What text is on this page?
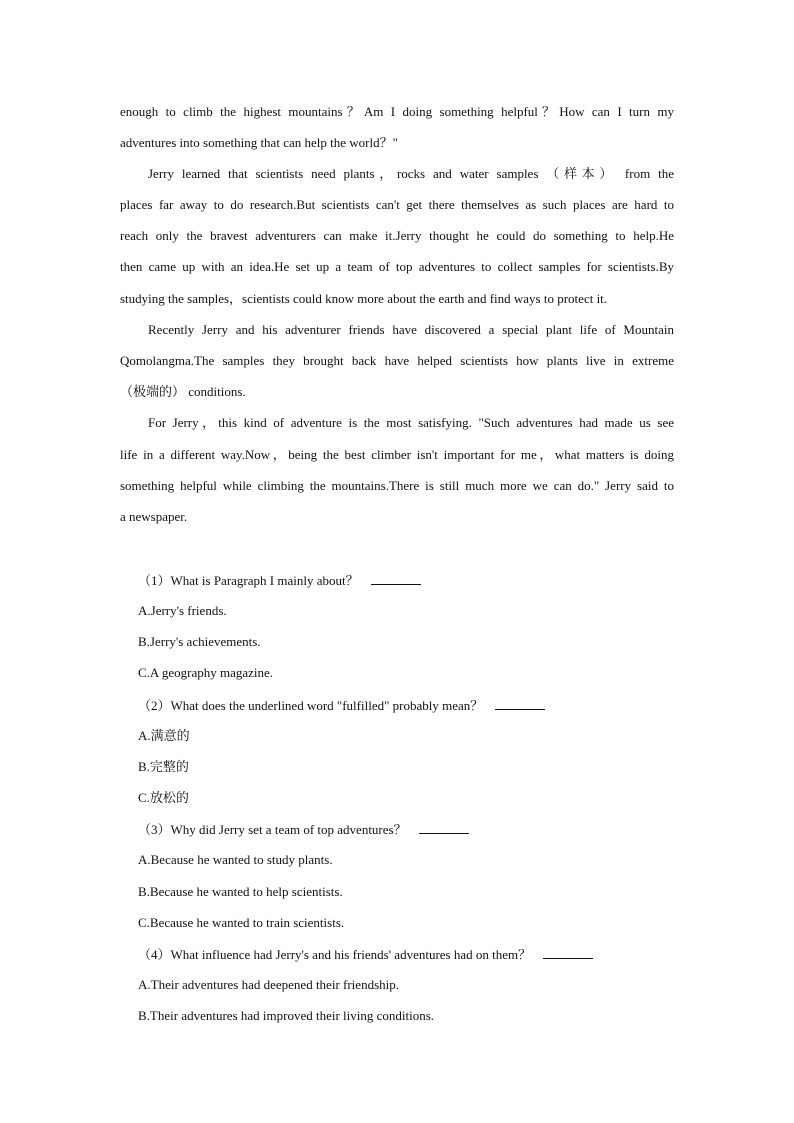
enough to climb the highest mountains？Am I doing something helpful？How can I turn my
adventures into something that can help the world？"
Jerry learned that scientists need plants，rocks and water samples （样本） from the
places far away to do research.But scientists can't get there themselves as such places are hard to
reach only the bravest adventurers can make it.Jerry thought he could do something to help.He
then came up with an idea.He set up a team of top adventures to collect samples for scientists.By
studying the samples，scientists could know more about the earth and find ways to protect it.
Recently Jerry and his adventurer friends have discovered a special plant life of Mountain
Qomolangma.The samples they brought back have helped scientists how plants live in extreme
（极端的） conditions.
For Jerry，this kind of adventure is the most satisfying. "Such adventures had made us see
life in a different way.Now，being the best climber isn't important for me，what matters is doing
something helpful while climbing the mountains.There is still much more we can do." Jerry said to
a newspaper.
（1）What is Paragraph I mainly about？
A.Jerry's friends.
B.Jerry's achievements.
C.A geography magazine.
（2）What does the underlined word "fulfilled" probably mean？
A.满意的
B.完整的
C.放松的
（3）Why did Jerry set a team of top adventures？
A.Because he wanted to study plants.
B.Because he wanted to help scientists.
C.Because he wanted to train scientists.
（4）What influence had Jerry's and his friends' adventures had on them？
A.Their adventures had deepened their friendship.
B.Their adventures had improved their living conditions.
